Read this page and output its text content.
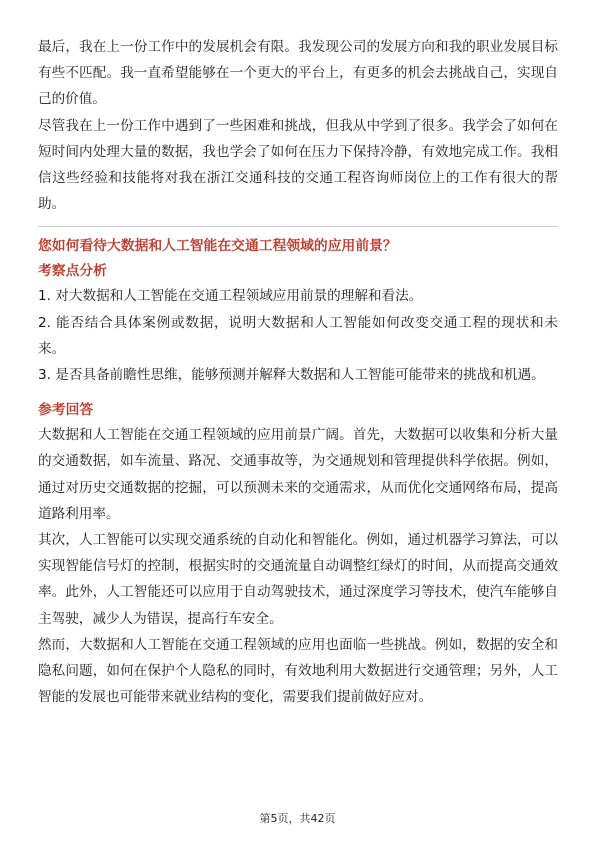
最后，我在上一份工作中的发展机会有限。我发现公司的发展方向和我的职业发展目标有些不匹配。我一直希望能够在一个更大的平台上，有更多的机会去挑战自己，实现自己的价值。

尽管我在上一份工作中遇到了一些困难和挑战，但我从中学到了很多。我学会了如何在短时间内处理大量的数据，我也学会了如何在压力下保持冷静，有效地完成工作。我相信这些经验和技能将对我在浙江交通科技的交通工程咨询师岗位上的工作有很大的帮助。

您如何看待大数据和人工智能在交通工程领域的应用前景？

考察点分析

1. 对大数据和人工智能在交通工程领域应用前景的理解和看法。

2. 能否结合具体案例或数据，说明大数据和人工智能如何改变交通工程的现状和未来。

3. 是否具备前瞻性思维，能够预测并解释大数据和人工智能可能带来的挑战和机遇。

参考回答

大数据和人工智能在交通工程领域的应用前景广阔。首先，大数据可以收集和分析大量的交通数据，如车流量、路况、交通事故等，为交通规划和管理提供科学依据。例如，通过对历史交通数据的挖掘，可以预测未来的交通需求，从而优化交通网络布局，提高道路利用率。

其次，人工智能可以实现交通系统的自动化和智能化。例如，通过机器学习算法，可以实现智能信号灯的控制，根据实时的交通流量自动调整红绿灯的时间，从而提高交通效率。此外，人工智能还可以应用于自动驾驶技术，通过深度学习等技术，使汽车能够自主驾驶，减少人为错误，提高行车安全。

然而，大数据和人工智能在交通工程领域的应用也面临一些挑战。例如，数据的安全和隐私问题，如何在保护个人隐私的同时，有效地利用大数据进行交通管理；另外，人工智能的发展也可能带来就业结构的变化，需要我们提前做好应对。

第5页，共42页
